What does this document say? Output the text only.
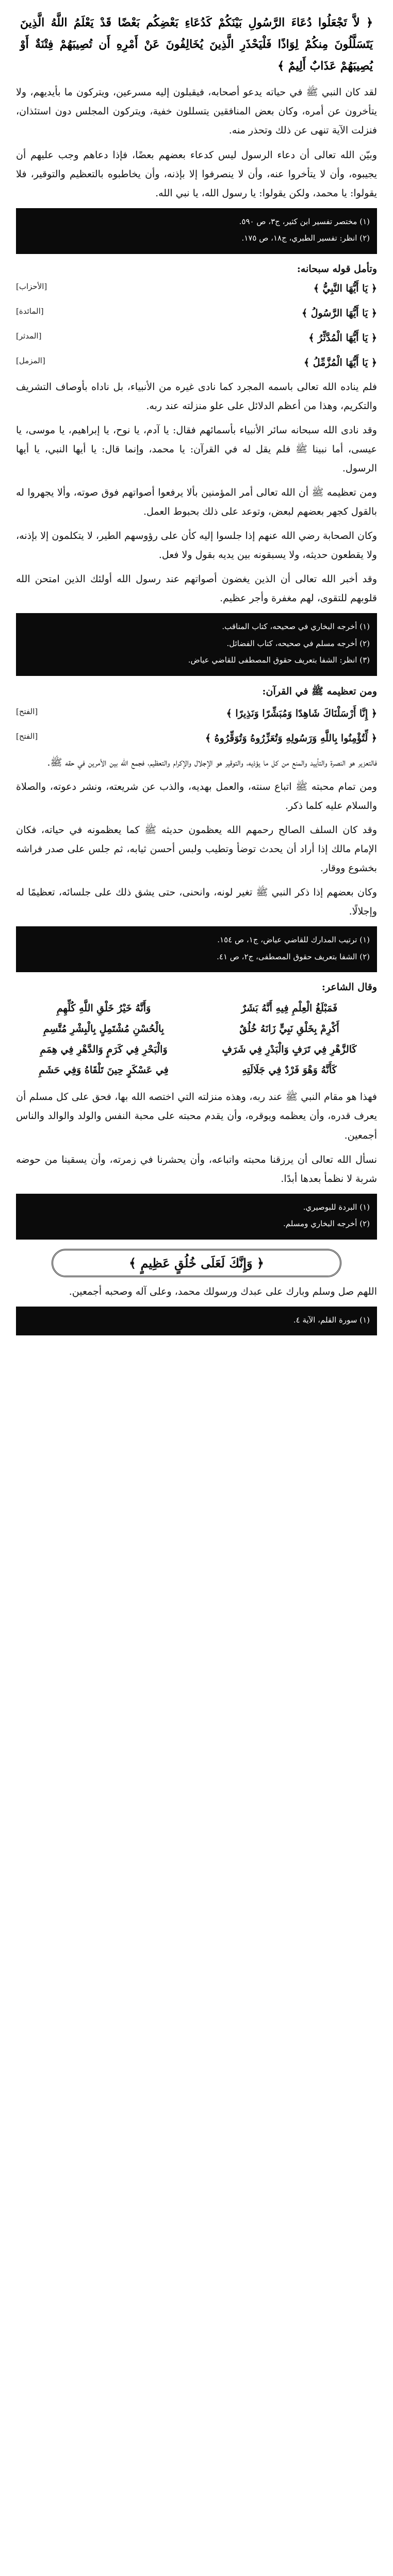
﴿ لاَّ تَجْعَلُوا دُعَاءَ الرَّسُولِ بَيْنَكُمْ كَدُعَاءِ بَعْضِكُم بَعْضًا قَدْ يَعْلَمُ اللَّهُ الَّذِينَ يَتَسَلَّلُونَ مِنكُمْ لِوَاذًا فَلْيَحْذَرِ الَّذِينَ يُخَالِفُونَ عَنْ أَمْرِهِ أَن تُصِيبَهُمْ فِتْنَةٌ أَوْ يُصِيبَهُمْ عَذَابٌ أَلِيمٌ ﴾

لقد كان النبي ﷺ في حياته يدعو أصحابه، فيقبلون إليه مسرعين، ويتركون ما بأيديهم، ولا يتأخرون عن أمره، وكان بعض المنافقين يتسللون خفية، ويتركون المجلس دون استئذان، فنزلت الآية تنهى عن ذلك وتحذر منه.

وبيّن الله تعالى أن دعاء الرسول ليس كدعاء بعضهم بعضًا، فإذا دعاهم وجب عليهم أن يجيبوه، وأن لا يتأخروا عنه، وأن لا ينصرفوا إلا بإذنه، وأن يخاطبوه بالتعظيم والتوقير، فلا يقولوا: يا محمد، ولكن يقولوا: يا رسول الله، يا نبي الله.

(١) مختصر تفسير ابن كثير، ج٣، ص ٥٩٠.
(٢) انظر: تفسير الطبري، ج١٨، ص ١٧٥.
وتأمل قوله سبحانه:
[الأحزاب]	﴿ يَا أَيُّهَا النَّبِيُّ ﴾
[المائدة]	﴿ يَا أَيُّهَا الرَّسُولُ ﴾
[المدثر]	﴿ يَا أَيُّهَا الْمُدَّثِّرُ ﴾
[المزمل]	﴿ يَا أَيُّهَا الْمُزَّمِّلُ ﴾

فلم يناده الله تعالى باسمه المجرد كما نادى غيره من الأنبياء، بل ناداه بأوصاف التشريف والتكريم، وهذا من أعظم الدلائل على علو منزلته عند ربه.

وقد نادى الله سبحانه سائر الأنبياء بأسمائهم فقال: يا آدم، يا نوح، يا إبراهيم، يا موسى، يا عيسى، أما نبينا ﷺ فلم يقل له في القرآن: يا محمد، وإنما قال: يا أيها النبي، يا أيها الرسول.

ومن تعظيمه ﷺ أن الله تعالى أمر المؤمنين بألا يرفعوا أصواتهم فوق صوته، وألا يجهروا له بالقول كجهر بعضهم لبعض، وتوعد على ذلك بحبوط العمل.

وكان الصحابة رضي الله عنهم إذا جلسوا إليه كأن على رؤوسهم الطير، لا يتكلمون إلا بإذنه، ولا يقطعون حديثه، ولا يسبقونه بين يديه بقول ولا فعل.

وقد أخبر الله تعالى أن الذين يغضون أصواتهم عند رسول الله أولئك الذين امتحن الله قلوبهم للتقوى، لهم مغفرة وأجر عظيم.

(١) أخرجه البخاري في صحيحه، كتاب المناقب.
(٢) أخرجه مسلم في صحيحه، كتاب الفضائل.
(٣) انظر: الشفا بتعريف حقوق المصطفى للقاضي عياض.
ومن تعظيمه ﷺ في القرآن:
[الفتح]	﴿ إِنَّا أَرْسَلْنَاكَ شَاهِدًا وَمُبَشِّرًا وَنَذِيرًا ﴾
[الفتح]	﴿ لِّتُؤْمِنُوا بِاللَّهِ وَرَسُولِهِ وَتُعَزِّرُوهُ وَتُوَقِّرُوهُ ﴾

فالتعزير هو النصرة والتأييد والمنع من كل ما يؤذيه، والتوقير هو الإجلال والإكرام والتعظيم، فجمع الله بين الأمرين في حقه ﷺ.

ومن تمام محبته ﷺ اتباع سنته، والعمل بهديه، والذب عن شريعته، ونشر دعوته، والصلاة والسلام عليه كلما ذكر.

وقد كان السلف الصالح رحمهم الله يعظمون حديثه ﷺ كما يعظمونه في حياته، فكان الإمام مالك إذا أراد أن يحدث توضأ وتطيب ولبس أحسن ثيابه، ثم جلس على صدر فراشه بخشوع ووقار.

وكان بعضهم إذا ذكر النبي ﷺ تغير لونه، وانحنى، حتى يشق ذلك على جلسائه، تعظيمًا له وإجلالًا.

(١) ترتيب المدارك للقاضي عياض، ج١، ص ١٥٤.
(٢) الشفا بتعريف حقوق المصطفى، ج٢، ص ٤١.
وقال الشاعر:
فَمَبْلَغُ الْعِلْمِ فِيهِ أَنَّهُ بَشَرٌ
وَأَنَّهُ خَيْرُ خَلْقِ اللَّهِ كُلِّهِمِ
أَكْرِمْ بِخَلْقِ نَبِيٍّ زَانَهُ خُلُقٌ
بِالْحُسْنِ مُشْتَمِلٍ بِالْبِشْرِ مُتَّسِمِ
كَالزَّهْرِ فِي تَرَفٍ وَالْبَدْرِ فِي شَرَفٍ
وَالْبَحْرِ فِي كَرَمٍ وَالدَّهْرِ فِي هِمَمِ
كَأَنَّهُ وَهْوَ فَرْدٌ فِي جَلَالَتِهِ
فِي عَسْكَرٍ حِينَ تَلْقَاهُ وَفِي حَشَمِ

فهذا هو مقام النبي ﷺ عند ربه، وهذه منزلته التي اختصه الله بها، فحق على كل مسلم أن يعرف قدره، وأن يعظمه ويوقره، وأن يقدم محبته على محبة النفس والولد والوالد والناس أجمعين.

نسأل الله تعالى أن يرزقنا محبته واتباعه، وأن يحشرنا في زمرته، وأن يسقينا من حوضه شربة لا نظمأ بعدها أبدًا.

(١) البردة للبوصيري.
(٢) أخرجه البخاري ومسلم.
﴿ وَإِنَّكَ لَعَلَى خُلُقٍ عَظِيمٍ ﴾

اللهم صل وسلم وبارك على عبدك ورسولك محمد، وعلى آله وصحبه أجمعين.

(١) سورة القلم، الآية ٤.
